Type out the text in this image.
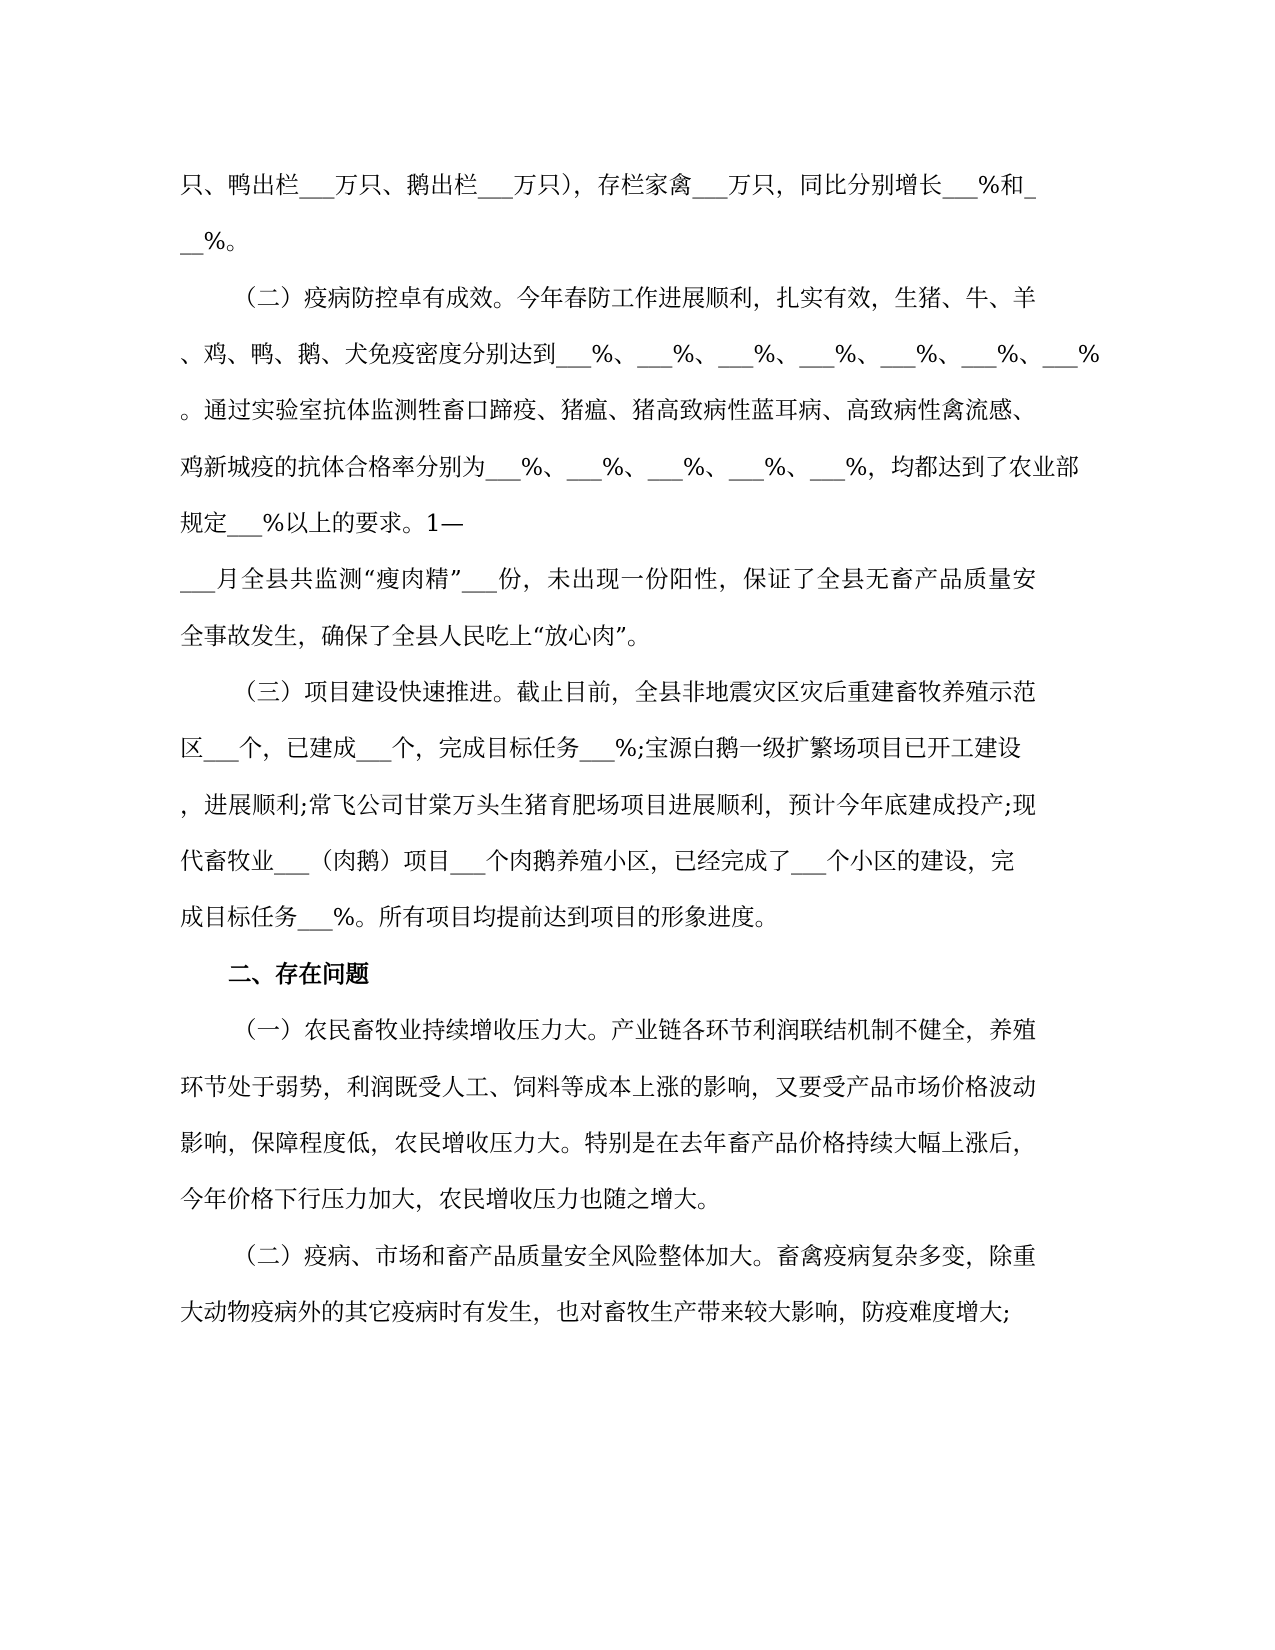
只、鸭出栏___万只、鹅出栏___万只），存栏家禽___万只，同比分别增长___%和_
__%。
（二）疫病防控卓有成效。今年春防工作进展顺利，扎实有效，生猪、牛、羊
、鸡、鸭、鹅、犬免疫密度分别达到___%、___%、___%、___%、___%、___%、___%
。通过实验室抗体监测牲畜口蹄疫、猪瘟、猪高致病性蓝耳病、高致病性禽流感、
鸡新城疫的抗体合格率分别为___%、___%、___%、___%、___%，均都达到了农业部
规定___%以上的要求。1—
___月全县共监测“瘦肉精”___份，未出现一份阳性，保证了全县无畜产品质量安
全事故发生，确保了全县人民吃上“放心肉”。
（三）项目建设快速推进。截止目前，全县非地震灾区灾后重建畜牧养殖示范
区___个，已建成___个，完成目标任务___%;宝源白鹅一级扩繁场项目已开工建设
，进展顺利;常飞公司甘棠万头生猪育肥场项目进展顺利，预计今年底建成投产;现
代畜牧业___（肉鹅）项目___个肉鹅养殖小区，已经完成了___个小区的建设，完
成目标任务___%。所有项目均提前达到项目的形象进度。
二、存在问题
（一）农民畜牧业持续增收压力大。产业链各环节利润联结机制不健全，养殖
环节处于弱势，利润既受人工、饲料等成本上涨的影响，又要受产品市场价格波动
影响，保障程度低，农民增收压力大。特别是在去年畜产品价格持续大幅上涨后，
今年价格下行压力加大，农民增收压力也随之增大。
（二）疫病、市场和畜产品质量安全风险整体加大。畜禽疫病复杂多变，除重
大动物疫病外的其它疫病时有发生，也对畜牧生产带来较大影响，防疫难度增大;
